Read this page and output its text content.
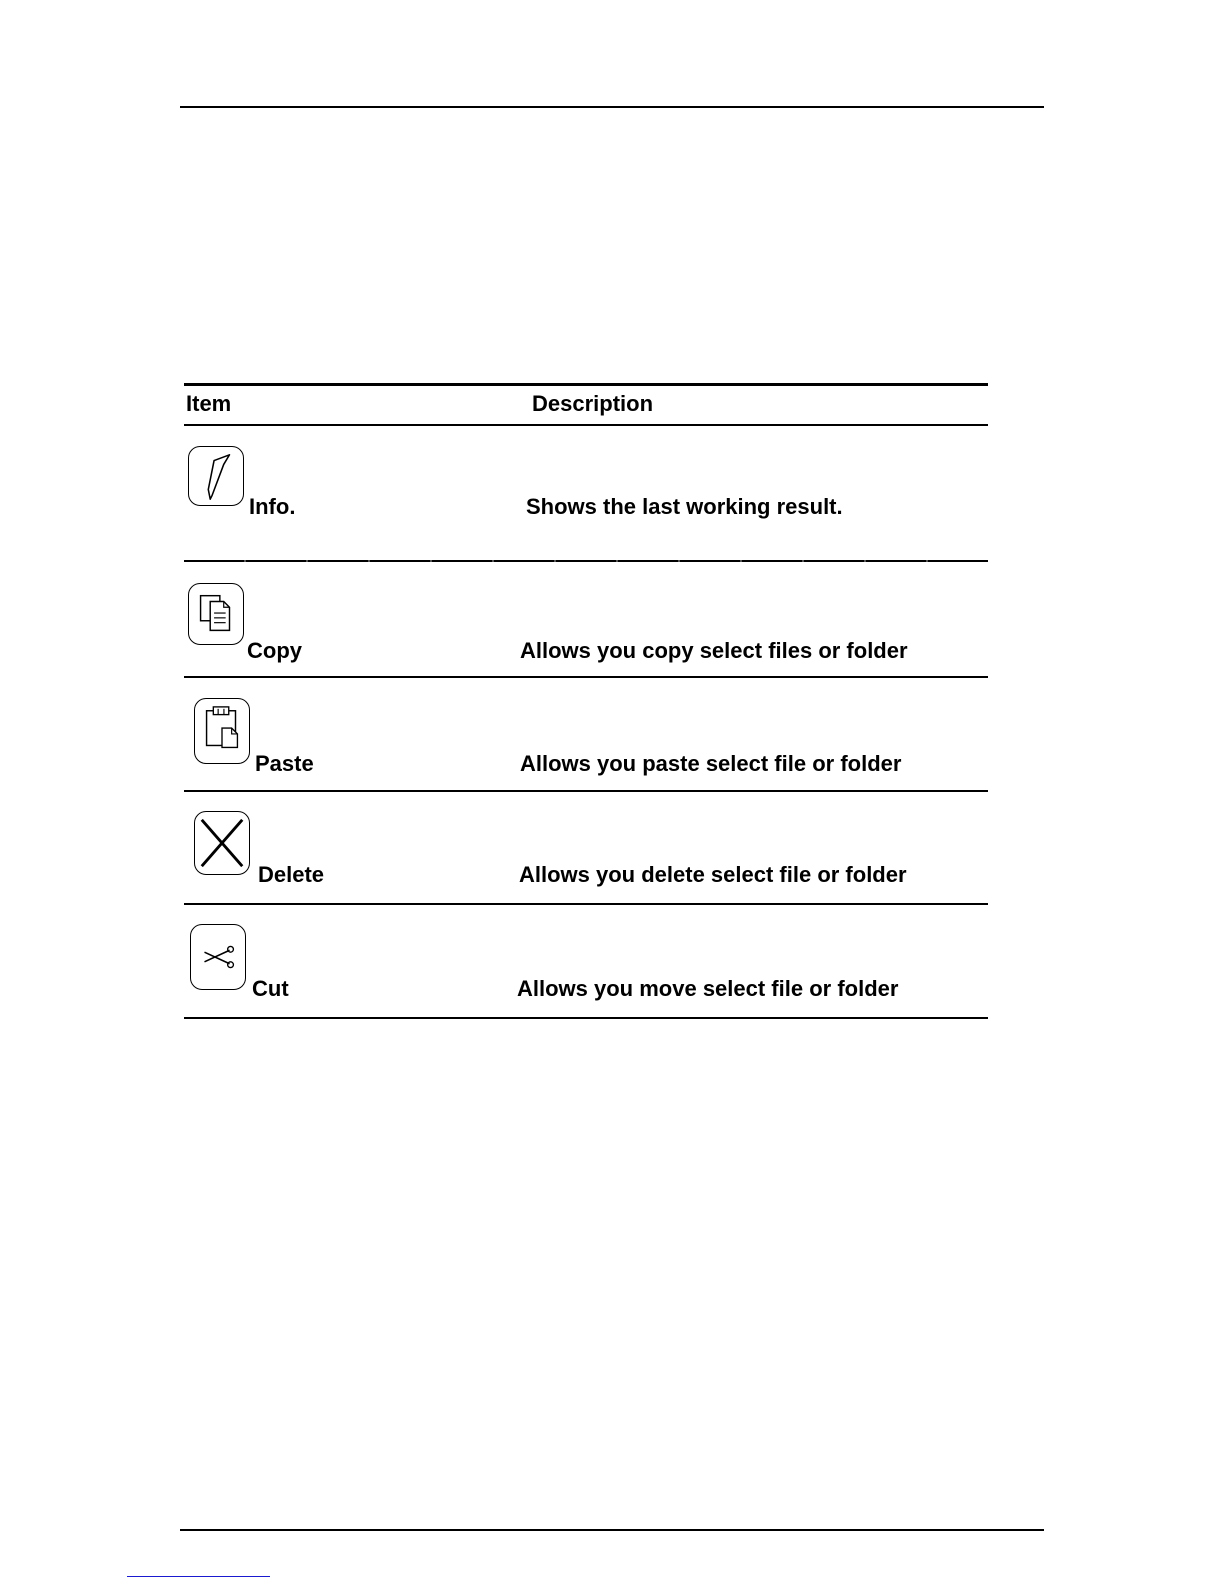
Item	Description
Info.	Shows the last working result.
Copy	Allows you copy select files or folder
Paste	Allows you paste select file or folder
Delete	Allows you delete select file or folder
Cut	Allows you move select file or folder
